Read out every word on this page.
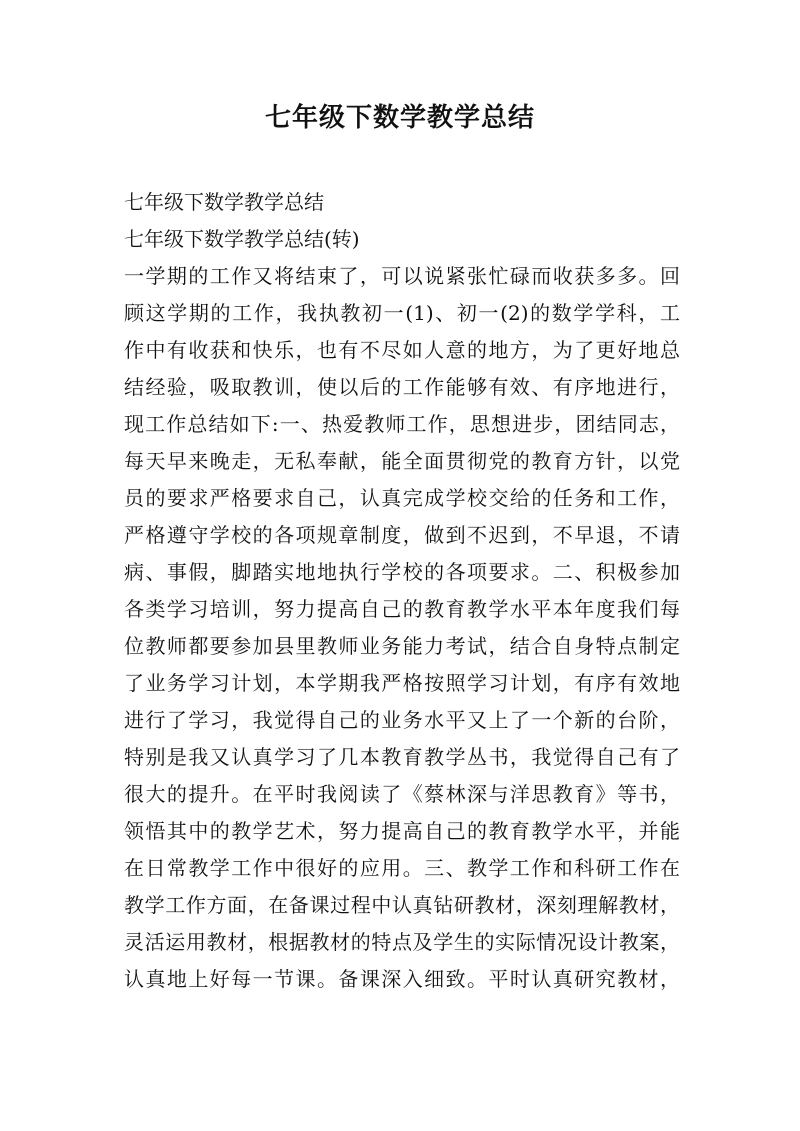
七年级下数学教学总结
七年级下数学教学总结
七年级下数学教学总结(转)
一学期的工作又将结束了，可以说紧张忙碌而收获多多。回
顾这学期的工作，我执教初一(1)、初一(2)的数学学科，工
作中有收获和快乐，也有不尽如人意的地方，为了更好地总
结经验，吸取教训，使以后的工作能够有效、有序地进行，
现工作总结如下:一、热爱教师工作，思想进步，团结同志，
每天早来晚走，无私奉献，能全面贯彻党的教育方针，以党
员的要求严格要求自己，认真完成学校交给的任务和工作，
严格遵守学校的各项规章制度，做到不迟到，不早退，不请
病、事假，脚踏实地地执行学校的各项要求。二、积极参加
各类学习培训，努力提高自己的教育教学水平本年度我们每
位教师都要参加县里教师业务能力考试，结合自身特点制定
了业务学习计划，本学期我严格按照学习计划，有序有效地
进行了学习，我觉得自己的业务水平又上了一个新的台阶，
特别是我又认真学习了几本教育教学丛书，我觉得自己有了
很大的提升。在平时我阅读了《蔡林深与洋思教育》等书，
领悟其中的教学艺术，努力提高自己的教育教学水平，并能
在日常教学工作中很好的应用。三、教学工作和科研工作在
教学工作方面，在备课过程中认真钻研教材，深刻理解教材，
灵活运用教材，根据教材的特点及学生的实际情况设计教案，
认真地上好每一节课。备课深入细致。平时认真研究教材，
